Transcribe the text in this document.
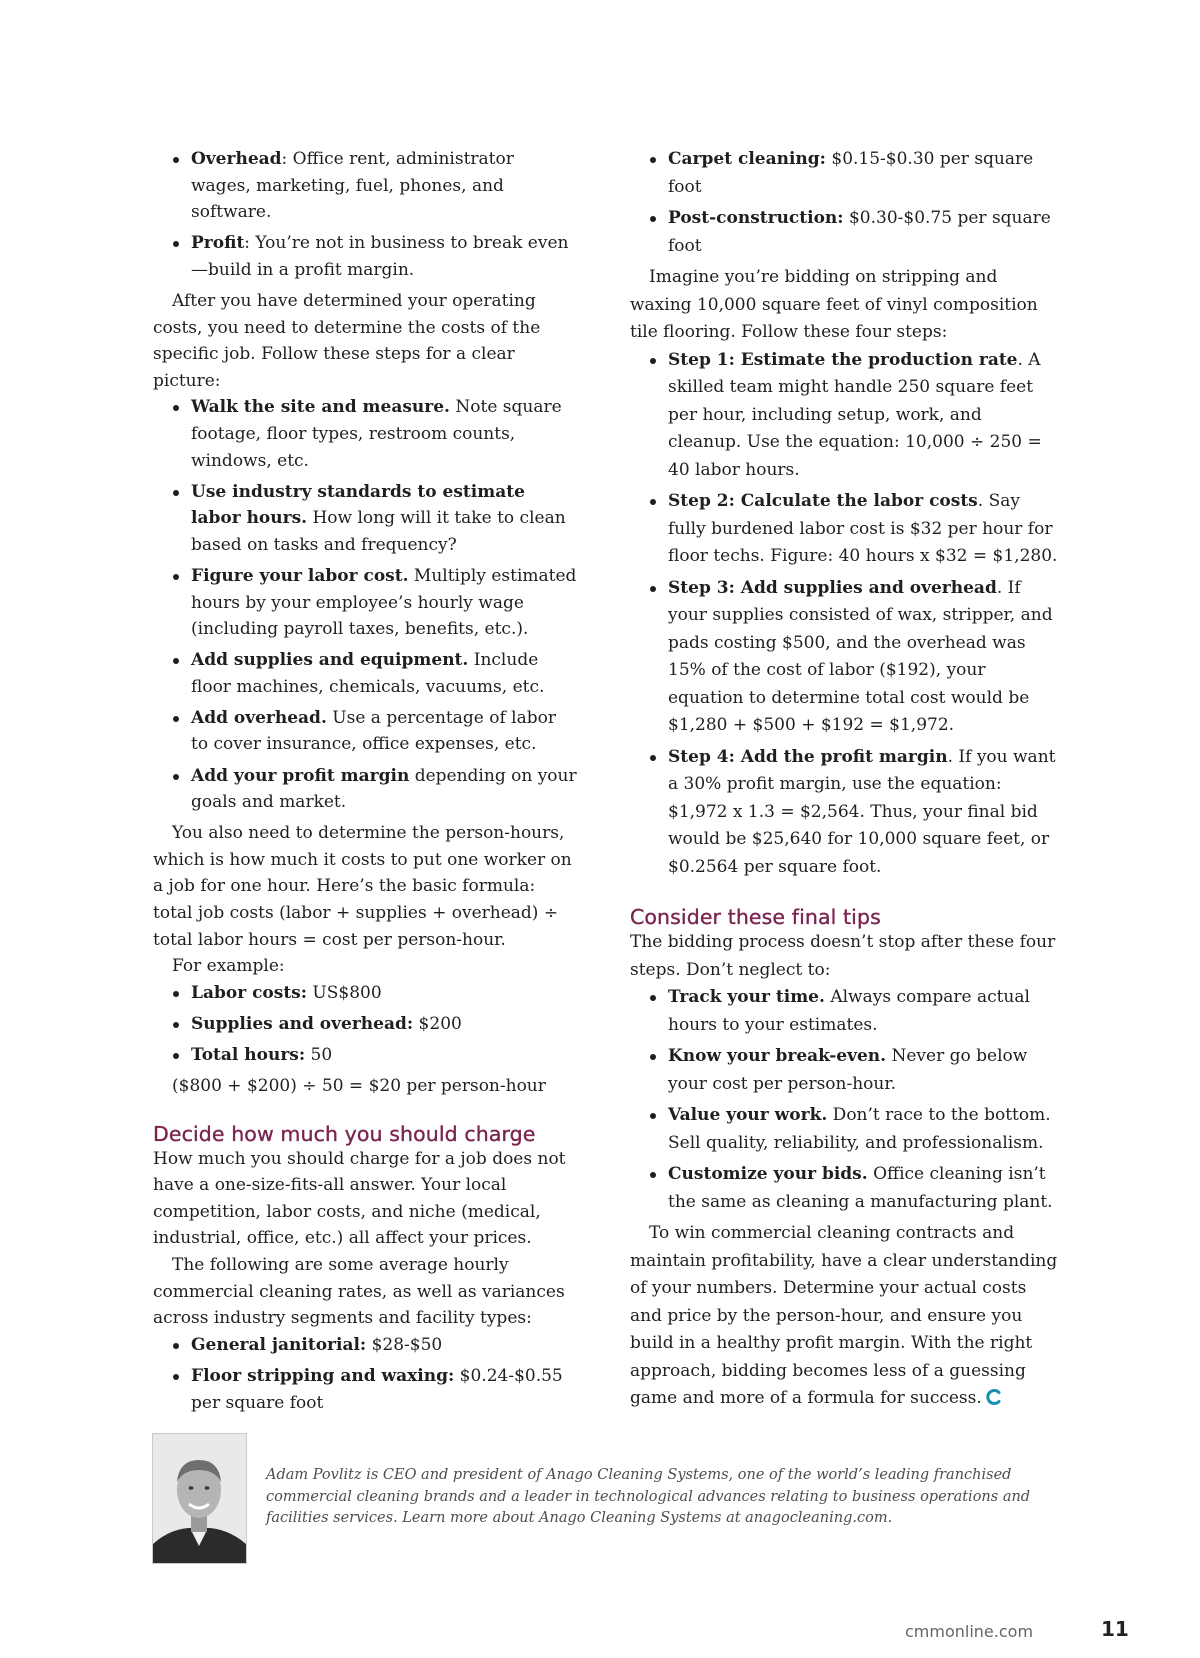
Overhead: Office rent, administrator wages, marketing, fuel, phones, and software.
Profit: You’re not in business to break even—build in a profit margin.

After you have determined your operating costs, you need to determine the costs of the specific job. Follow these steps for a clear picture:

Walk the site and measure. Note square footage, floor types, restroom counts, windows, etc.
Use industry standards to estimate labor hours. How long will it take to clean based on tasks and frequency?
Figure your labor cost. Multiply estimated hours by your employee’s hourly wage (including payroll taxes, benefits, etc.).
Add supplies and equipment. Include floor machines, chemicals, vacuums, etc.
Add overhead. Use a percentage of labor to cover insurance, office expenses, etc.
Add your profit margin depending on your goals and market.

You also need to determine the person-hours, which is how much it costs to put one worker on a job for one hour. Here’s the basic formula: total job costs (labor + supplies + overhead) ÷ total labor hours = cost per person-hour.

For example:

Labor costs: US$800
Supplies and overhead: $200
Total hours: 50

($800 + $200) ÷ 50 = $20 per person-hour

Decide how much you should charge

How much you should charge for a job does not have a one-size-fits-all answer. Your local competition, labor costs, and niche (medical, industrial, office, etc.) all affect your prices.

The following are some average hourly commercial cleaning rates, as well as variances across industry segments and facility types:

General janitorial: $28-$50
Floor stripping and waxing: $0.24-$0.55 per square foot
Carpet cleaning: $0.15-$0.30 per square foot
Post-construction: $0.30-$0.75 per square foot

Imagine you’re bidding on stripping and waxing 10,000 square feet of vinyl composition tile flooring. Follow these four steps:

Step 1: Estimate the production rate. A skilled team might handle 250 square feet per hour, including setup, work, and cleanup. Use the equation: 10,000 ÷ 250 = 40 labor hours.
Step 2: Calculate the labor costs. Say fully burdened labor cost is $32 per hour for floor techs. Figure: 40 hours x $32 = $1,280.
Step 3: Add supplies and overhead. If your supplies consisted of wax, stripper, and pads costing $500, and the overhead was 15% of the cost of labor ($192), your equation to determine total cost would be $1,280 + $500 + $192 = $1,972.
Step 4: Add the profit margin. If you want a 30% profit margin, use the equation: $1,972 x 1.3 = $2,564. Thus, your final bid would be $25,640 for 10,000 square feet, or $0.2564 per square foot.
Consider these final tips

The bidding process doesn’t stop after these four steps. Don’t neglect to:

Track your time. Always compare actual hours to your estimates.
Know your break-even. Never go below your cost per person-hour.
Value your work. Don’t race to the bottom. Sell quality, reliability, and professionalism.
Customize your bids. Office cleaning isn’t the same as cleaning a manufacturing plant.

To win commercial cleaning contracts and maintain profitability, have a clear understanding of your numbers. Determine your actual costs and price by the person-hour, and ensure you build in a healthy profit margin. With the right approach, bidding becomes less of a guessing game and more of a formula for success.

Adam Povlitz is CEO and president of Anago Cleaning Systems, one of the world’s leading franchised commercial cleaning brands and a leader in technological advances relating to business operations and facilities services. Learn more about Anago Cleaning Systems at anagocleaning.com.

cmmonline.com	11
